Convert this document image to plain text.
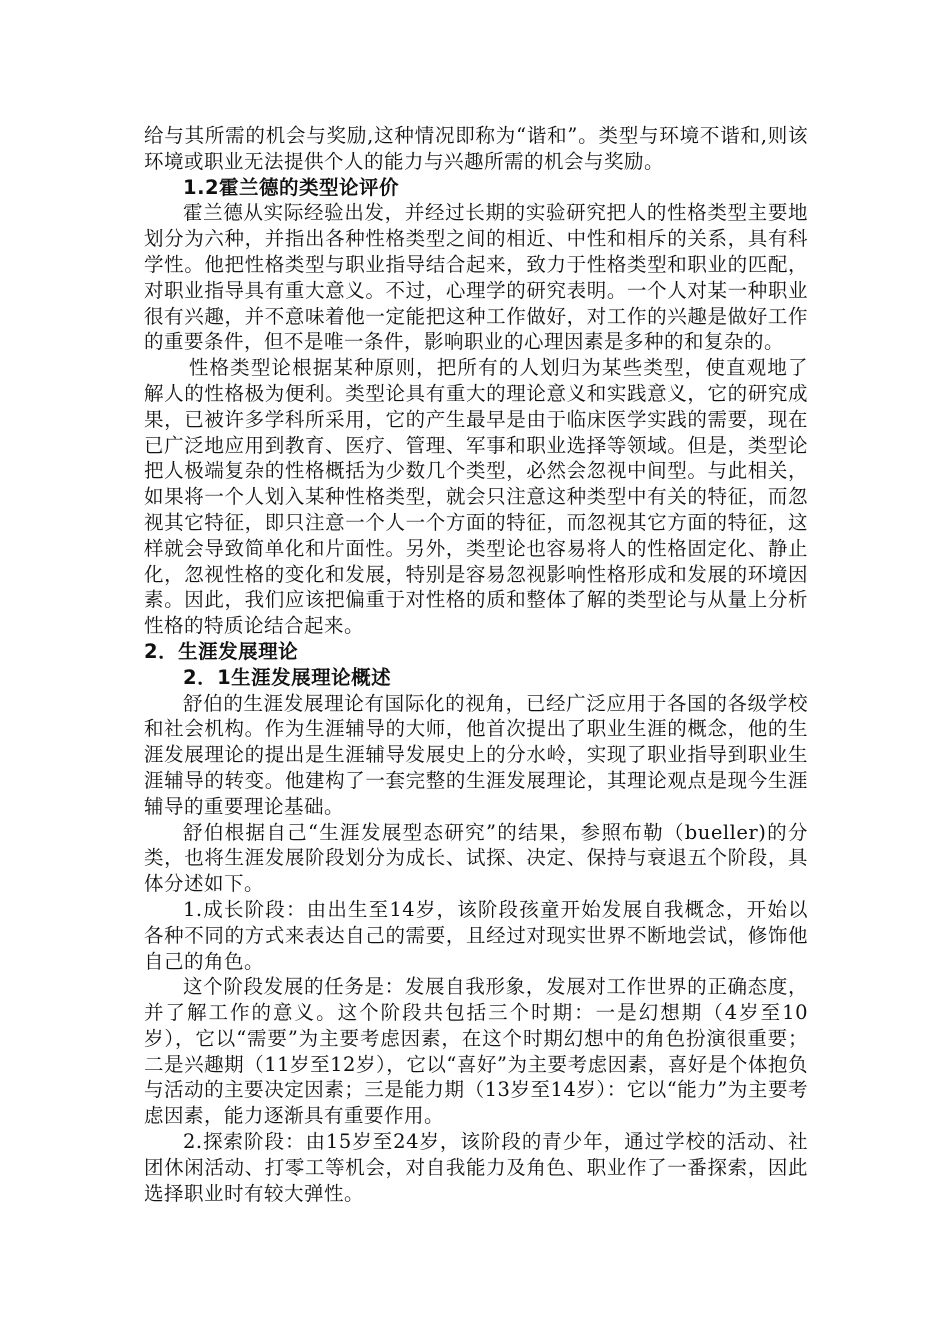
给与其所需的机会与奖励,这种情况即称为“谐和”。类型与环境不谐和,则该环境或职业无法提供个人的能力与兴趣所需的机会与奖励。

1.2霍兰德的类型论评价

霍兰德从实际经验出发，并经过长期的实验研究把人的性格类型主要地划分为六种，并指出各种性格类型之间的相近、中性和相斥的关系，具有科学性。他把性格类型与职业指导结合起来，致力于性格类型和职业的匹配，对职业指导具有重大意义。不过，心理学的研究表明。一个人对某一种职业很有兴趣，并不意味着他一定能把这种工作做好，对工作的兴趣是做好工作的重要条件，但不是唯一条件，影响职业的心理因素是多种的和复杂的。

性格类型论根据某种原则，把所有的人划归为某些类型，使直观地了解人的性格极为便利。类型论具有重大的理论意义和实践意义，它的研究成果，已被许多学科所采用，它的产生最早是由于临床医学实践的需要，现在已广泛地应用到教育、医疗、管理、军事和职业选择等领域。但是，类型论把人极端复杂的性格概括为少数几个类型，必然会忽视中间型。与此相关，如果将一个人划入某种性格类型，就会只注意这种类型中有关的特征，而忽视其它特征，即只注意一个人一个方面的特征，而忽视其它方面的特征，这样就会导致简单化和片面性。另外，类型论也容易将人的性格固定化、静止化，忽视性格的变化和发展，特别是容易忽视影响性格形成和发展的环境因素。因此，我们应该把偏重于对性格的质和整体了解的类型论与从量上分析性格的特质论结合起来。

2．生涯发展理论

2．1生涯发展理论概述

舒伯的生涯发展理论有国际化的视角，已经广泛应用于各国的各级学校和社会机构。作为生涯辅导的大师，他首次提出了职业生涯的概念，他的生涯发展理论的提出是生涯辅导发展史上的分水岭，实现了职业指导到职业生涯辅导的转变。他建构了一套完整的生涯发展理论，其理论观点是现今生涯辅导的重要理论基础。

舒伯根据自己“生涯发展型态研究”的结果，参照布勒（bueller)的分类，也将生涯发展阶段划分为成长、试探、决定、保持与衰退五个阶段，具体分述如下。

1.成长阶段：由出生至14岁，该阶段孩童开始发展自我概念，开始以各种不同的方式来表达自己的需要，且经过对现实世界不断地尝试，修饰他自己的角色。

这个阶段发展的任务是：发展自我形象，发展对工作世界的正确态度，并了解工作的意义。这个阶段共包括三个时期：一是幻想期（4岁至10岁），它以“需要”为主要考虑因素，在这个时期幻想中的角色扮演很重要；二是兴趣期（11岁至12岁），它以“喜好”为主要考虑因素，喜好是个体抱负与活动的主要决定因素；三是能力期（13岁至14岁）：它以“能力”为主要考虑因素，能力逐渐具有重要作用。

2.探索阶段：由15岁至24岁，该阶段的青少年，通过学校的活动、社团休闲活动、打零工等机会，对自我能力及角色、职业作了一番探索，因此选择职业时有较大弹性。
